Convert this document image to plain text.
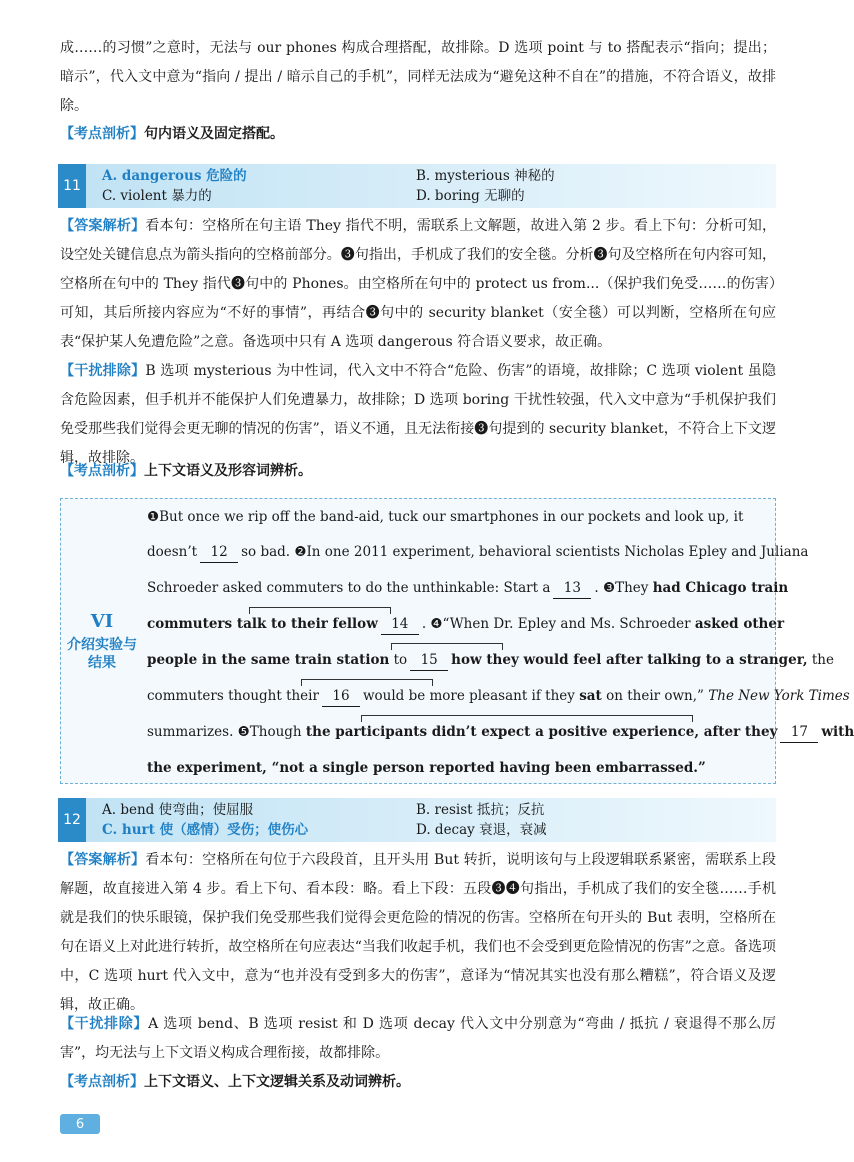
成……的习惯”之意时，无法与 our phones 构成合理搭配，故排除。D 选项 point 与 to 搭配表示“指向；提出；暗示”，代入文中意为“指向 / 提出 / 暗示自己的手机”，同样无法成为“避免这种不自在”的措施，不符合语义，故排除。

【考点剖析】句内语义及固定搭配。

11
A. dangerous 危险的	B. mysterious 神秘的
C. violent 暴力的	D. boring 无聊的

【答案解析】看本句：空格所在句主语 They 指代不明，需联系上文解题，故进入第 2 步。看上下句：分析可知，设空处关键信息点为箭头指向的空格前部分。❸句指出，手机成了我们的安全毯。分析❸句及空格所在句内容可知，空格所在句中的 They 指代❸句中的 Phones。由空格所在句中的 protect us from...（保护我们免受……的伤害）可知，其后所接内容应为“不好的事情”，再结合❸句中的 security blanket（安全毯）可以判断，空格所在句应表“保护某人免遭危险”之意。备选项中只有 A 选项 dangerous 符合语义要求，故正确。

【干扰排除】B 选项 mysterious 为中性词，代入文中不符合“危险、伤害”的语境，故排除；C 选项 violent 虽隐含危险因素，但手机并不能保护人们免遭暴力，故排除；D 选项 boring 干扰性较强，代入文中意为“手机保护我们免受那些我们觉得会更无聊的情况的伤害”，语义不通，且无法衔接❸句提到的 security blanket，不符合上下文逻辑，故排除。

【考点剖析】上下文语义及形容词辨析。

VI
介绍实验与结果
❶But once we rip off the band-aid, tuck our smartphones in our pockets and look up, it
doesn’t 12 so bad. ❷In one 2011 experiment, behavioral scientists Nicholas Epley and Juliana
Schroeder asked commuters to do the unthinkable: Start a 13 . ❸They had Chicago train
commuters talk to their fellow 14 . ❹“When Dr. Epley and Ms. Schroeder asked other
people in the same train station to 15 how they would feel after talking to a stranger, the
commuters thought their 16 would be more pleasant if they sat on their own,” The New York Times
summarizes. ❺Though the participants didn’t expect a positive experience, after they 17 with
the experiment, “not a single person reported having been embarrassed.”
12
A. bend 使弯曲；使屈服	B. resist 抵抗；反抗
C. hurt 使（感情）受伤；使伤心	D. decay 衰退，衰减

【答案解析】看本句：空格所在句位于六段段首，且开头用 But 转折，说明该句与上段逻辑联系紧密，需联系上段解题，故直接进入第 4 步。看上下句、看本段：略。看上下段：五段❸❹句指出，手机成了我们的安全毯……手机就是我们的快乐眼镜，保护我们免受那些我们觉得会更危险的情况的伤害。空格所在句开头的 But 表明，空格所在句在语义上对此进行转折，故空格所在句应表达“当我们收起手机，我们也不会受到更危险情况的伤害”之意。备选项中，C 选项 hurt 代入文中，意为“也并没有受到多大的伤害”，意译为“情况其实也没有那么糟糕”，符合语义及逻辑，故正确。

【干扰排除】A 选项 bend、B 选项 resist 和 D 选项 decay 代入文中分别意为“弯曲 / 抵抗 / 衰退得不那么厉害”，均无法与上下文语义构成合理衔接，故都排除。

【考点剖析】上下文语义、上下文逻辑关系及动词辨析。

6
